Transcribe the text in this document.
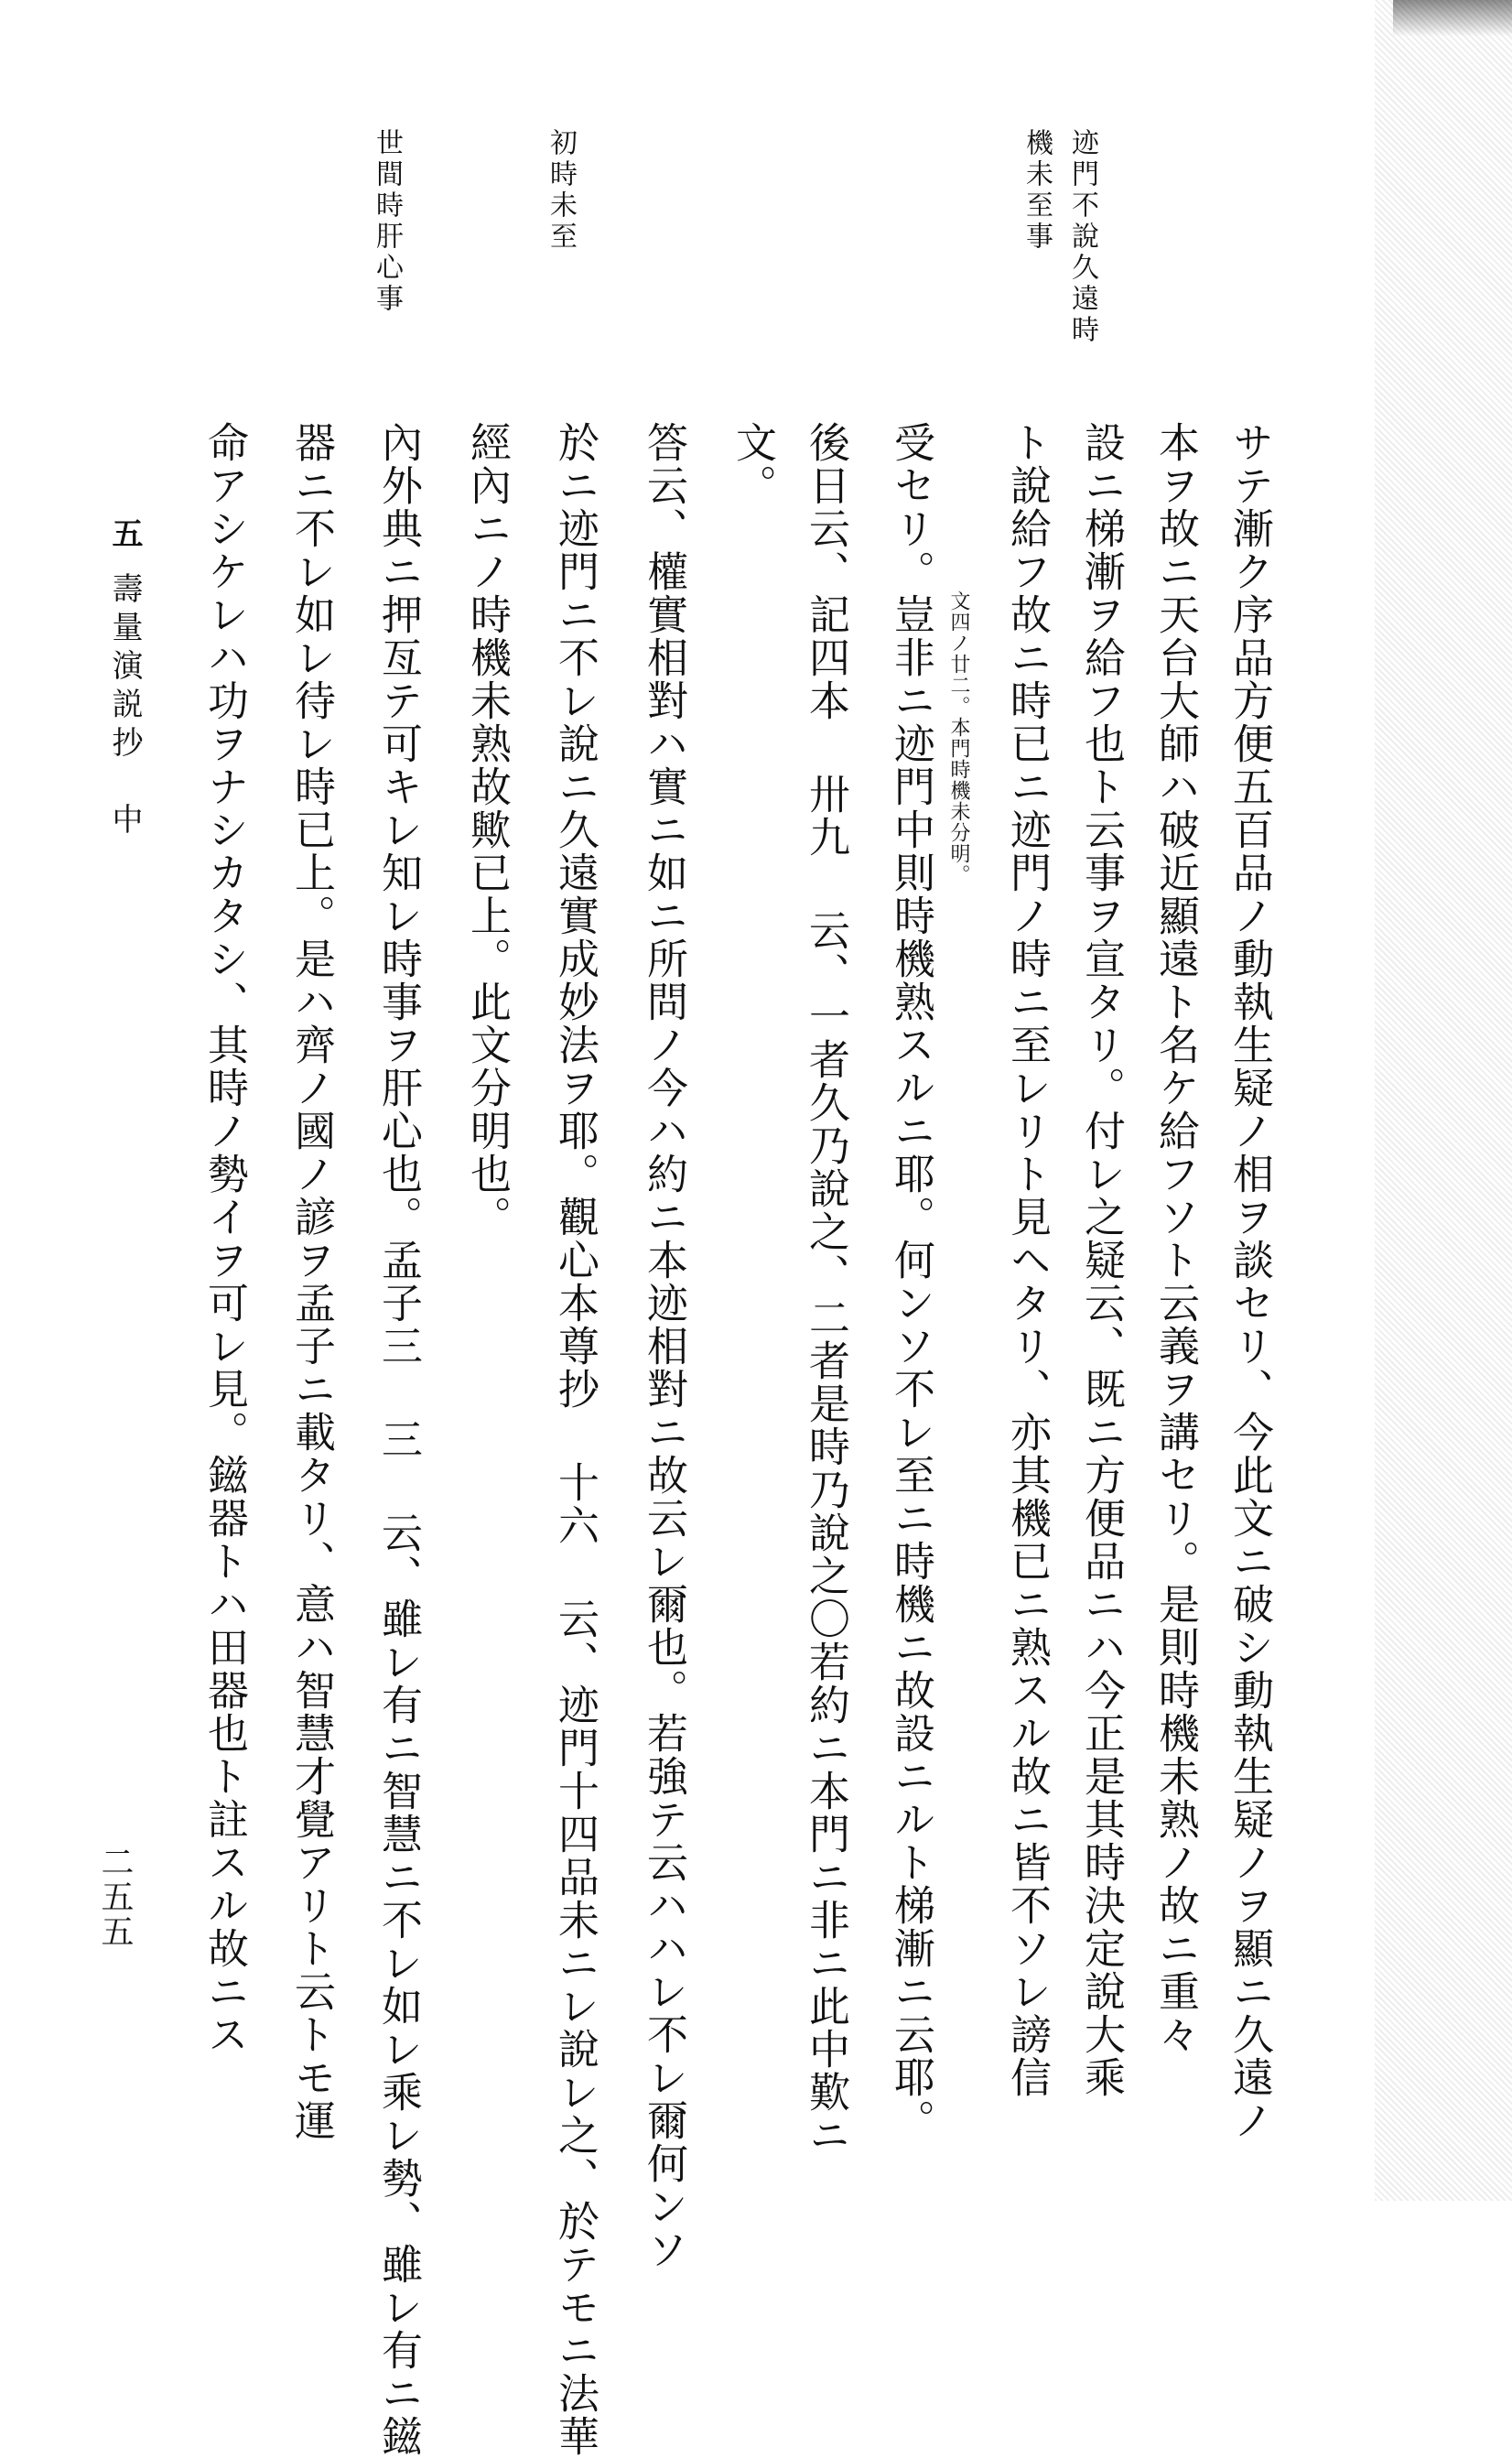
二五五
迹門不說久遠時
機未至事
初時未至
世間時肝心事
サテ漸ク序品方便五百品ノ動執生疑ノ相ヲ談セリ、今此文ニ破シ動執生疑ノヲ顯ニ久遠ノ
本ヲ故ニ天台大師ハ破近顯遠ト名ケ給フソト云義ヲ講セリ。是則時機未熟ノ故ニ重々
設ニ梯漸ヲ給フ也ト云事ヲ宣タリ。付レ之疑云、既ニ方便品ニハ今正是其時決定說大乘
ト說給フ故ニ時已ニ迹門ノ時ニ至レリト見ヘタリ、亦其機已ニ熟スル故ニ皆不ソレ謗信
文四ノ廿二。本門時機未分明。
受セリ。豈非ニ迹門中則時機熟スルニ耶。何ンソ不レ至ニ時機ニ故設ニルト梯漸ニ云耶。
後日云、記四本 卅九 云、一者久乃說之、二者是時乃說之〇若約ニ本門ニ非ニ此中歎ニ
文。
答云、權實相對ハ實ニ如ニ所問ノ今ハ約ニ本迹相對ニ故云レ爾也。若強テ云ハハレ不レ爾何ンソ
於ニ迹門ニ不レ說ニ久遠實成妙法ヲ耶。觀心本尊抄 十六 云、迹門十四品未ニレ說レ之、於テモニ法華
經內ニノ時機未熟故歟已上。此文分明也。
內外典ニ押亙テ可キレ知レ時事ヲ肝心也。孟子三 三 云、雖レ有ニ智慧ニ不レ如レ乘レ勢、雖レ有ニ鎡
器ニ不レ如レ待レ時已上。是ハ齊ノ國ノ諺ヲ孟子ニ載タリ、意ハ智慧才覺アリト云トモ運
命アシケレハ功ヲナシカタシ、其時ノ勢イヲ可レ見。鎡器トハ田器也ト註スル故ニス
五
壽量演説抄　中
